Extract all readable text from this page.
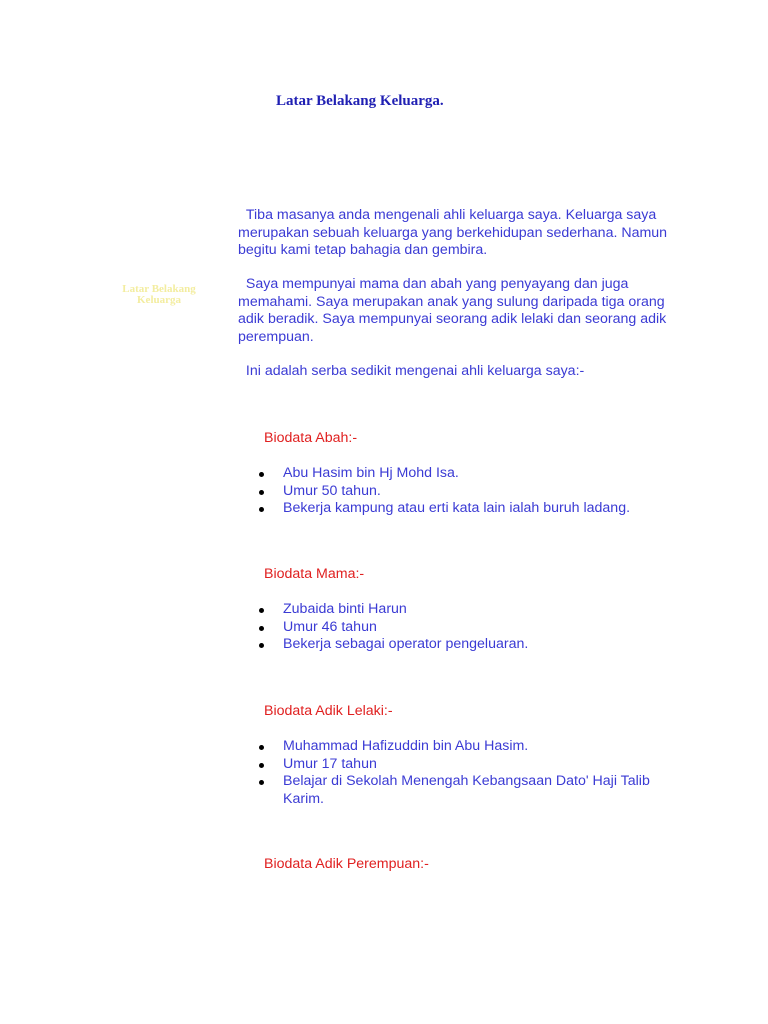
Latar Belakang Keluarga.
Latar Belakang Keluarga

Tiba masanya anda mengenali ahli keluarga saya. Keluarga saya merupakan sebuah keluarga yang berkehidupan sederhana. Namun begitu kami tetap bahagia dan gembira.

Saya mempunyai mama dan abah yang penyayang dan juga memahami. Saya merupakan anak yang sulung daripada tiga orang adik beradik. Saya mempunyai seorang adik lelaki dan seorang adik perempuan.

Ini adalah serba sedikit mengenai ahli keluarga saya:-

Biodata Abah:-
Abu Hasim bin Hj Mohd Isa.
Umur 50 tahun.
Bekerja kampung atau erti kata lain ialah buruh ladang.
Biodata Mama:-
Zubaida binti Harun
Umur 46 tahun
Bekerja sebagai operator pengeluaran.
Biodata Adik Lelaki:-
Muhammad Hafizuddin bin Abu Hasim.
Umur 17 tahun
Belajar di Sekolah Menengah Kebangsaan Dato' Haji Talib Karim.
Biodata Adik Perempuan:-
